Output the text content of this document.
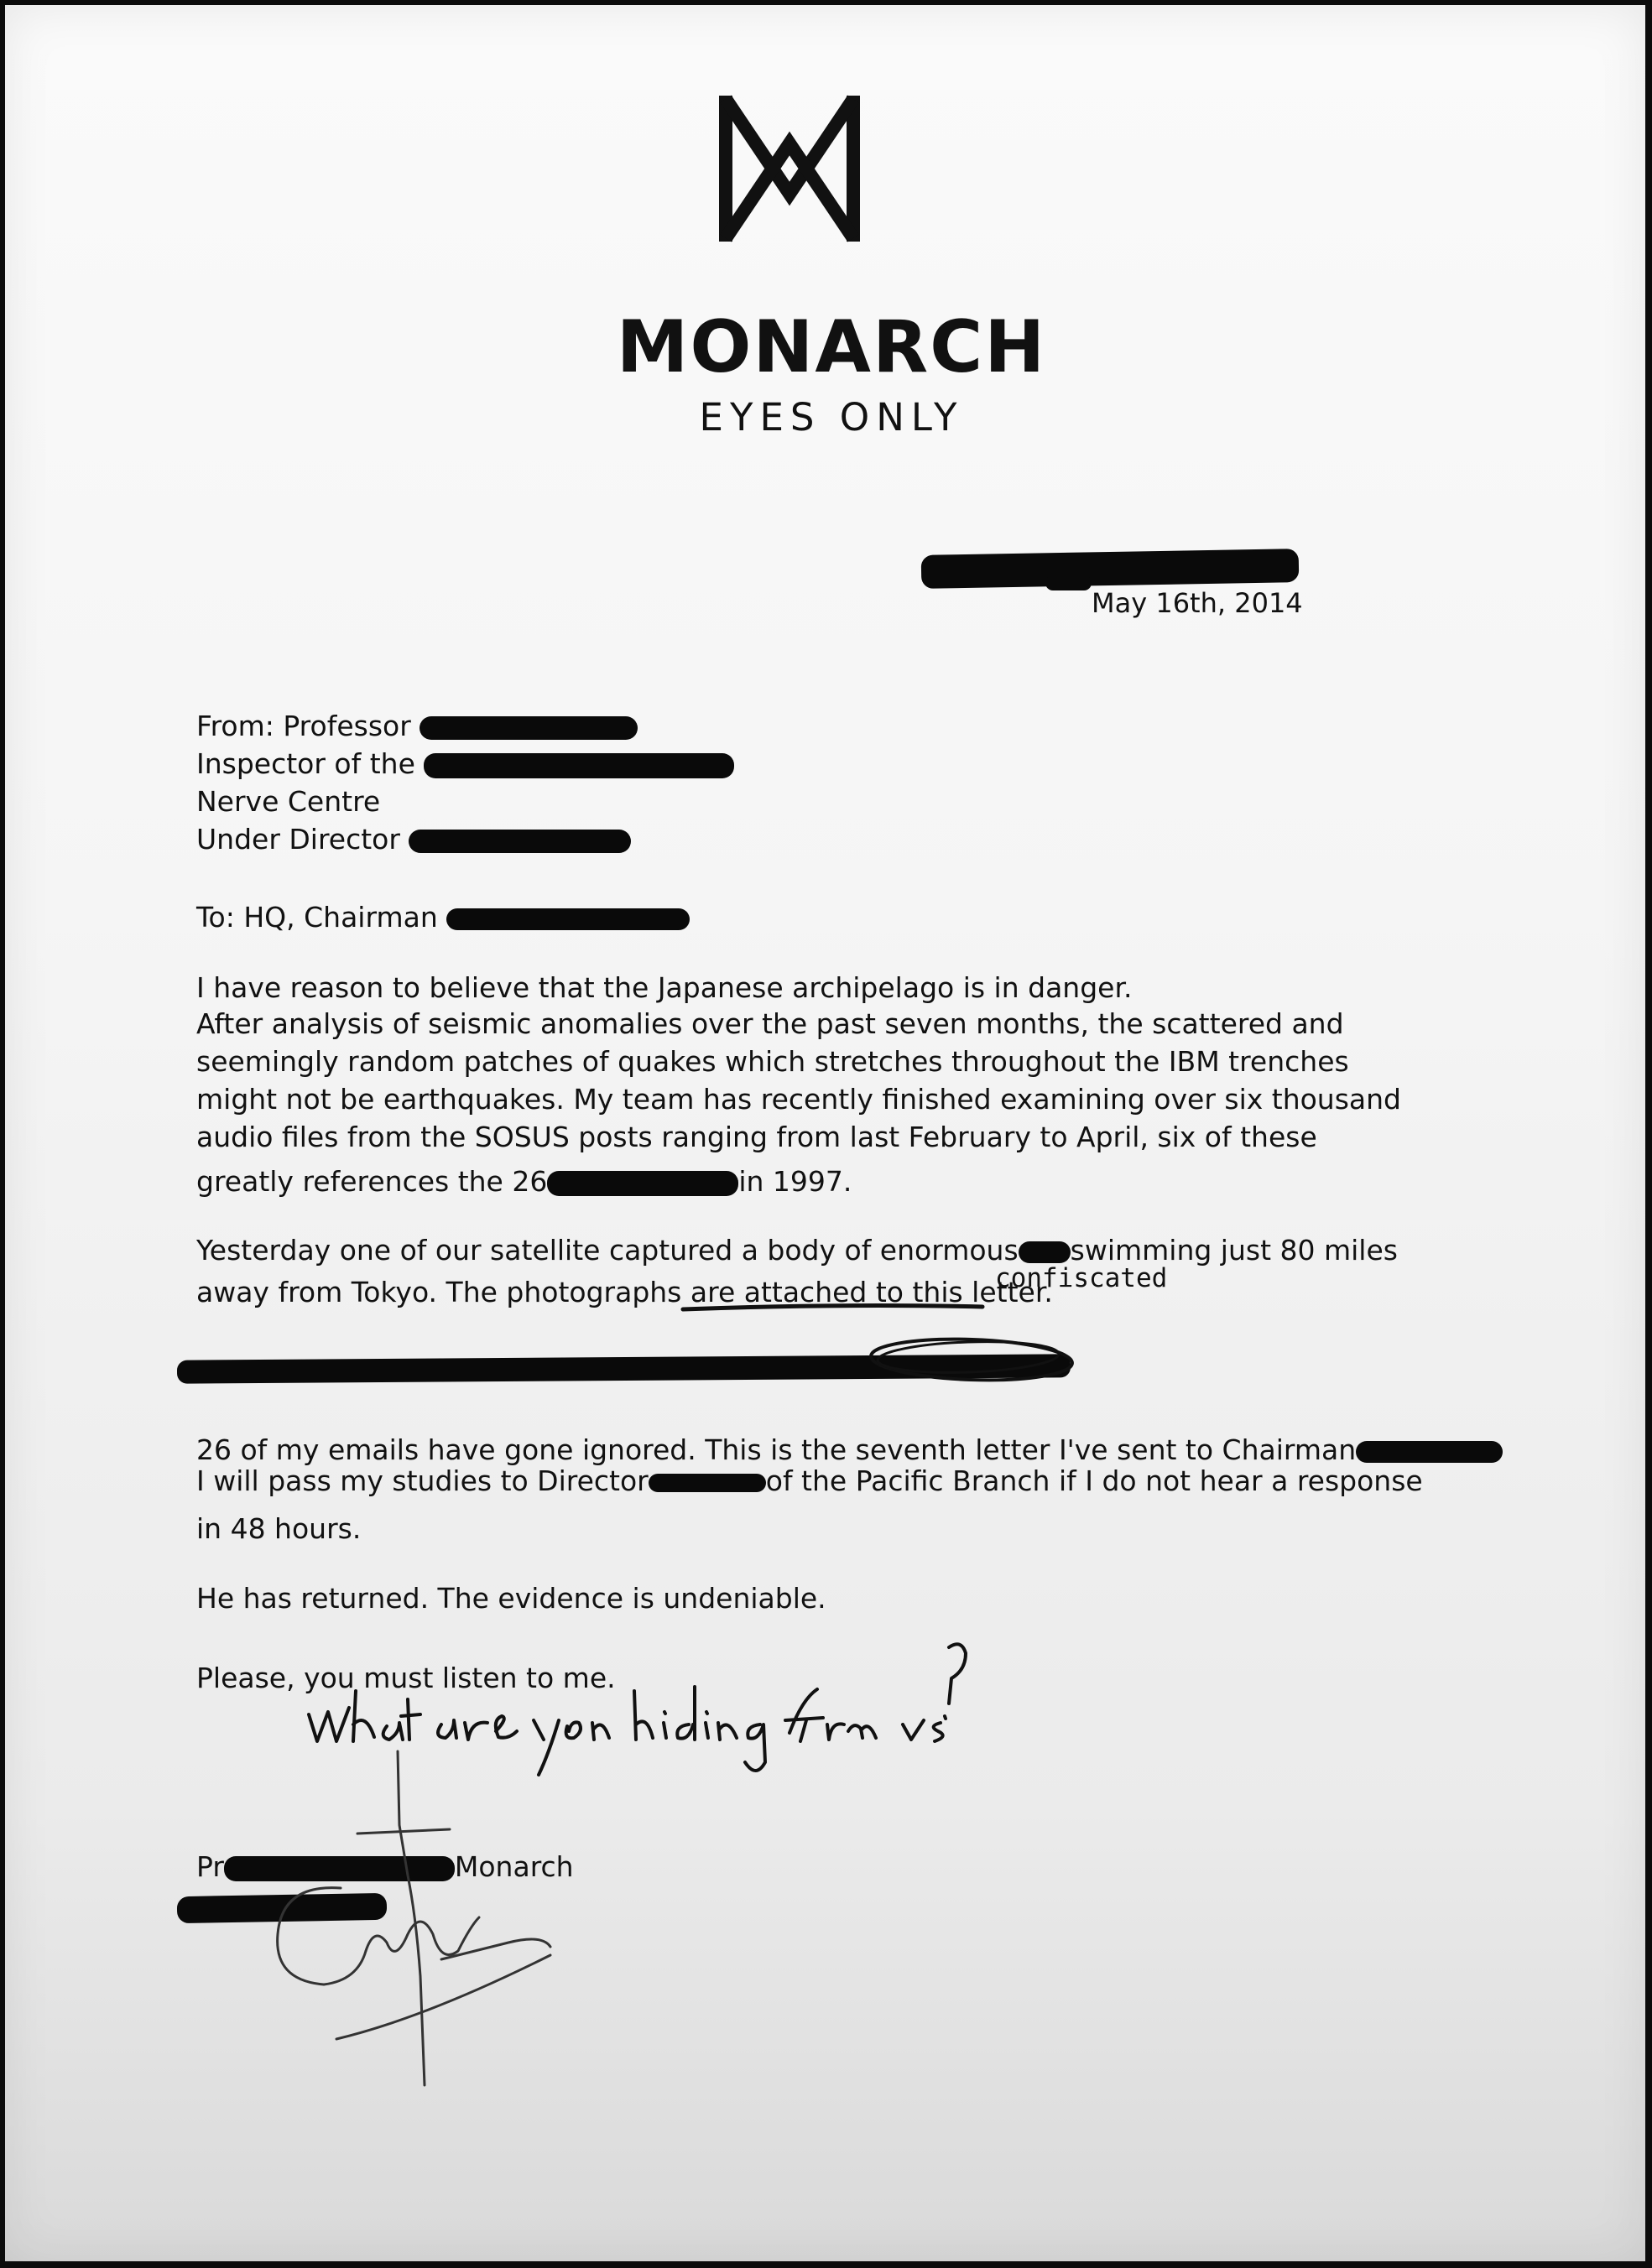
MONARCH
EYES ONLY
May 16th, 2014
From: Professor
Inspector of the
Nerve Centre
Under Director
To: HQ, Chairman
I have reason to believe that the Japanese archipelago is in danger.
After analysis of seismic anomalies over the past seven months, the scattered and
seemingly random patches of quakes which stretches throughout the IBM trenches
might not be earthquakes. My team has recently finished examining over six thousand
audio files from the SOSUS posts ranging from last February to April, six of these
greatly references the 26	in 1997.
Yesterday one of our satellite captured a body of enormous swimming just 80 miles
away from Tokyo. The photographs are attached to this letter.
confiscated
26 of my emails have gone ignored. This is the seventh letter I've sent to Chairman
I will pass my studies to Director	of the Pacific Branch if I do not hear a response
in 48 hours.
He has returned. The evidence is undeniable.
Please, you must listen to me.
Pr	Monarch
